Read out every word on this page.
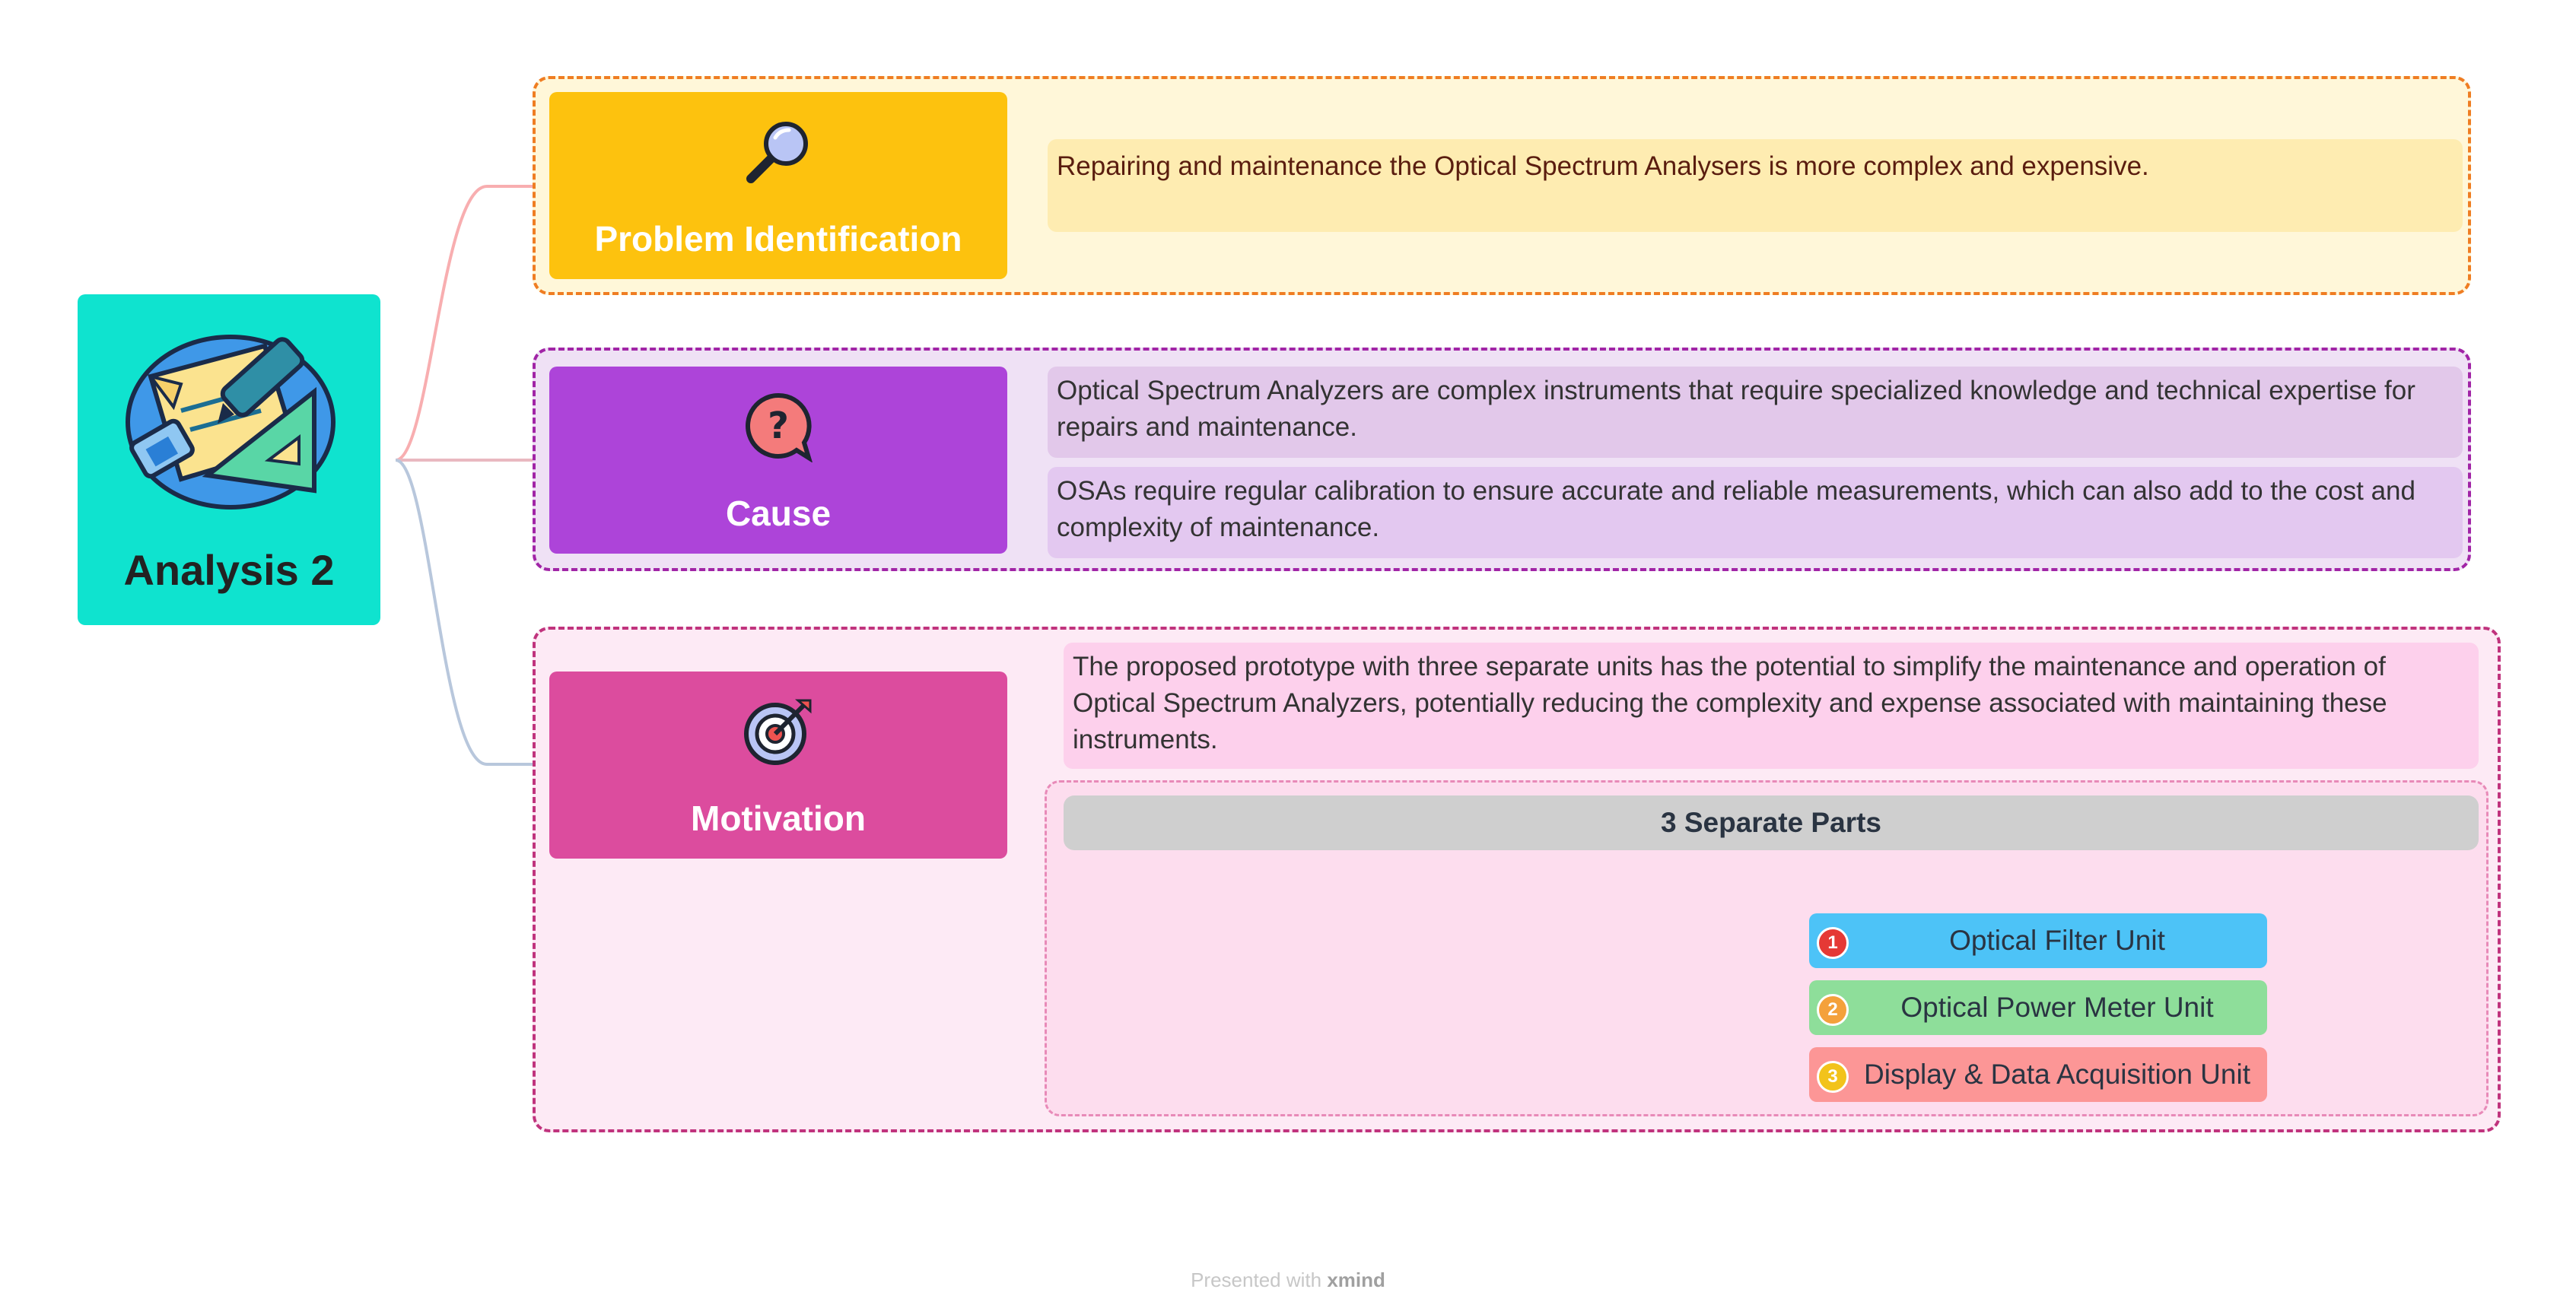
Analysis 2
Problem Identification
?
Cause
Motivation
Repairing and maintenance the Optical Spectrum Analysers is more complex and expensive.
Optical Spectrum Analyzers are complex instruments that require specialized knowledge and technical expertise for repairs and maintenance.
OSAs require regular calibration to ensure accurate and reliable measurements, which can also add to the cost and complexity of maintenance.
The proposed prototype with three separate units has the potential to simplify the maintenance and operation of Optical Spectrum Analyzers, potentially reducing the complexity and expense associated with maintaining these instruments.
3 Separate Parts
1	Optical Filter Unit
2	Optical Power Meter Unit
3 Display & Data Acquisition Unit
Presented with xmind
